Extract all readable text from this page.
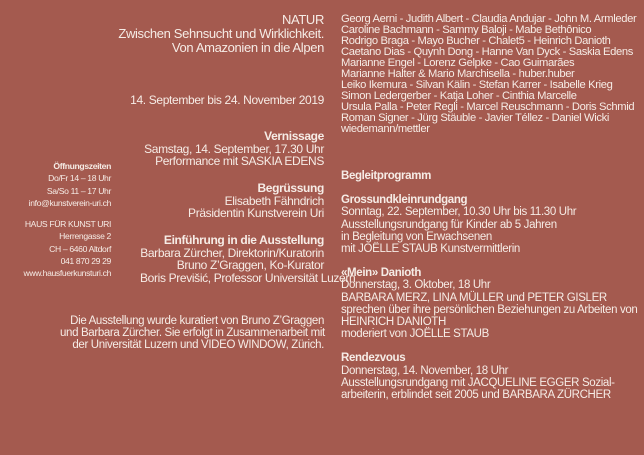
NATUR
Zwischen Sehnsucht und Wirklichkeit.
Von Amazonien in die Alpen
14. September bis 24. November 2019
Vernissage
Samstag, 14. September, 17.30 Uhr
Performance mit SASKIA EDENS
Begrüssung
Elisabeth Fähndrich
Präsidentin Kunstverein Uri
Einführung in die Ausstellung
Barbara Zürcher, Direktorin/Kuratorin
Bruno Z’Graggen, Ko-Kurator
Boris Previšić, Professor Universität Luzern
Öffnungszeiten
Do/Fr 14 – 18 Uhr
Sa/So 11 – 17 Uhr
info@kunstverein-uri.ch
HAUS FÜR KUNST URI
Herrengasse 2
CH – 6460 Altdorf
041 870 29 29
www.hausfuerkunsturi.ch
Die Ausstellung wurde kuratiert von Bruno Z’Graggen
und Barbara Zürcher. Sie erfolgt in Zusammenarbeit mit
der Universität Luzern und VIDEO WINDOW, Zürich.
Georg Aerni - Judith Albert - Claudia Andujar - John M. Armleder
Caroline Bachmann - Sammy Baloji - Mabe Bethônico
Rodrigo Braga - Mayo Bucher - Chalet5 - Heinrich Danioth
Caetano Dias - Quynh Dong - Hanne Van Dyck - Saskia Edens
Marianne Engel - Lorenz Gelpke - Cao Guimarães
Marianne Halter & Mario Marchisella - huber.huber
Leiko Ikemura - Silvan Kälin - Stefan Karrer - Isabelle Krieg
Simon Ledergerber - Katja Loher - Cinthia Marcelle
Ursula Palla - Peter Regli - Marcel Reuschmann - Doris Schmid
Roman Signer - Jürg Stäuble - Javier Téllez - Daniel Wicki
wiedemann/mettler
Begleitprogramm
Grossundkleinrundgang
Sonntag, 22. September, 10.30 Uhr bis 11.30 Uhr
Ausstellungsrundgang für Kinder ab 5 Jahren
in Begleitung von Erwachsenen
mit JOËLLE STAUB Kunstvermittlerin
«Mein» Danioth
Donnerstag, 3. Oktober, 18 Uhr
BARBARA MERZ, LINA MÜLLER und PETER GISLER
sprechen über ihre persönlichen Beziehungen zu Arbeiten von
HEINRICH DANIOTH
moderiert von JOËLLE STAUB
Rendezvous
Donnerstag, 14. November, 18 Uhr
Ausstellungsrundgang mit JACQUELINE EGGER Sozial-
arbeiterin, erblindet seit 2005 und BARBARA ZÜRCHER
